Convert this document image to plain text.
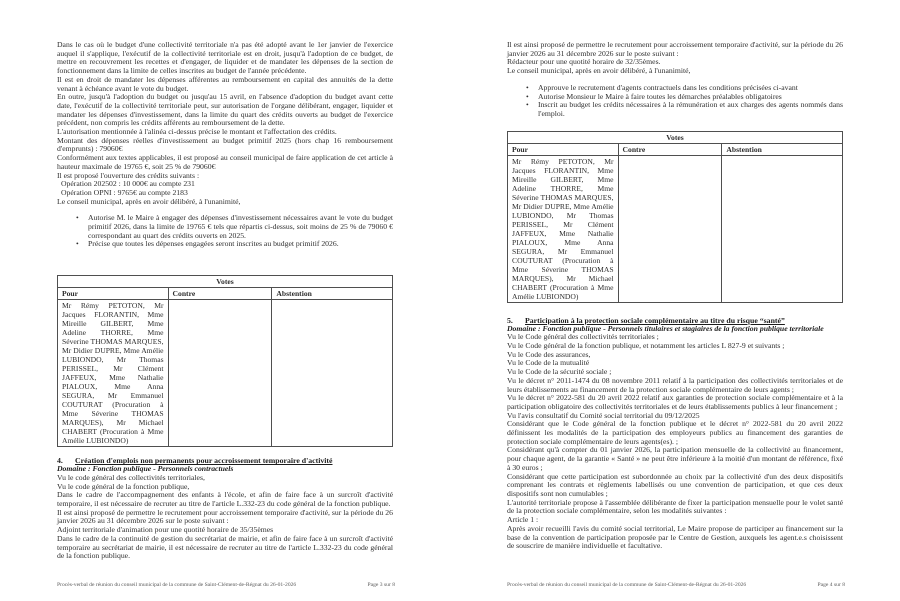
Dans le cas où le budget d'une collectivité territoriale n'a pas été adopté avant le 1er janvier de l'exercice auquel il s'applique, l'exécutif de la collectivité territoriale est en droit, jusqu'à l'adoption de ce budget, de mettre en recouvrement les recettes et d'engager, de liquider et de mandater les dépenses de la section de fonctionnement dans la limite de celles inscrites au budget de l'année précédente.

Il est en droit de mandater les dépenses afférentes au remboursement en capital des annuités de la dette venant à échéance avant le vote du budget.

En outre, jusqu'à l'adoption du budget ou jusqu'au 15 avril, en l'absence d'adoption du budget avant cette date, l'exécutif de la collectivité territoriale peut, sur autorisation de l'organe délibérant, engager, liquider et mandater les dépenses d'investissement, dans la limite du quart des crédits ouverts au budget de l'exercice précédent, non compris les crédits afférents au remboursement de la dette.

L'autorisation mentionnée à l'alinéa ci-dessus précise le montant et l'affectation des crédits.

Montant des dépenses réelles d'investissement au budget primitif 2025 (hors chap 16 remboursement d'emprunts) : 79060€

Conformément aux textes applicables, il est proposé au conseil municipal de faire application de cet article à hauteur maximale de 19765 €, soit 25 % de 79060€

Il est proposé l'ouverture des crédits suivants :

Opération 202502 : 10 000€ au compte 231

Opération OPNI : 9765€ au compte 2183

Le conseil municipal, après en avoir délibéré, à l'unanimité,

• Autorise M. le Maire à engager des dépenses d'investissement nécessaires avant le vote du budget primitif 2026, dans la limite de 19765 € tels que répartis ci-dessus, soit moins de 25 % de 79060 € correspondant au quart des crédits ouverts en 2025.
• Précise que toutes les dépenses engagées seront inscrites au budget primitif 2026.
Votes		
Pour	Contre	Abstention
Mr Rémy PETOTON, Mr Jacques FLORANTIN, Mme Mireille GILBERT, Mme Adeline THORRE, Mme Séverine THOMAS MARQUES, Mr Didier DUPRE, Mme Amélie LUBIONDO, Mr Thomas PERISSEL, Mr Clément JAFFEUX, Mme Nathalie PIALOUX, Mme Anna SEGURA, Mr Emmanuel COUTURAT (Procuration à Mme Séverine THOMAS MARQUES), Mr Michael CHABERT (Procuration à Mme Amélie LUBIONDO)		
4.	Création d'emplois non permanents pour accroissement temporaire d'activité

Domaine : Fonction publique - Personnels contractuels

Vu le code général des collectivités territoriales,

Vu le code général de la fonction publique,

Dans le cadre de l'accompagnement des enfants à l'école, et afin de faire face à un surcroît d'activité temporaire, il est nécessaire de recruter au titre de l'article L.332-23 du code général de la fonction publique.

Il est ainsi proposé de permettre le recrutement pour accroissement temporaire d'activité, sur la période du 26 janvier 2026 au 31 décembre 2026 sur le poste suivant :

Adjoint territoriale d'animation pour une quotité horaire de 35/35èmes

Dans le cadre de la continuité de gestion du secrétariat de mairie, et afin de faire face à un surcroît d'activité temporaire au secrétariat de mairie, il est nécessaire de recruter au titre de l'article L.332-23 du code général de la fonction publique.

Procès-verbal de réunion du conseil municipal de la commune de Saint-Clément-de-Régnat du 26-01-2026	Page 3 sur 8

Il est ainsi proposé de permettre le recrutement pour accroissement temporaire d'activité, sur la période du 26 janvier 2026 au 31 décembre 2026 sur le poste suivant :

Rédacteur pour une quotité horaire de 32/35èmes.

Le conseil municipal, après en avoir délibéré, à l'unanimité,

• Approuve le recrutement d'agents contractuels dans les conditions précisées ci-avant
• Autorise Monsieur le Maire à faire toutes les démarches préalables obligatoires
• Inscrit au budget les crédits nécessaires à la rémunération et aux charges des agents nommés dans l'emploi.
Votes		
Pour	Contre	Abstention
Mr Rémy PETOTON, Mr Jacques FLORANTIN, Mme Mireille GILBERT, Mme Adeline THORRE, Mme Séverine THOMAS MARQUES, Mr Didier DUPRE, Mme Amélie LUBIONDO, Mr Thomas PERISSEL, Mr Clément JAFFEUX, Mme Nathalie PIALOUX, Mme Anna SEGURA, Mr Emmanuel COUTURAT (Procuration à Mme Séverine THOMAS MARQUES), Mr Michael CHABERT (Procuration à Mme Amélie LUBIONDO)		
5.	Participation à la protection sociale complémentaire au titre du risque “santé”

Domaine : Fonction publique - Personnels titulaires et stagiaires de la fonction publique territoriale

Vu le Code général des collectivités territoriales ;

Vu le Code général de la fonction publique, et notamment les articles L 827-9 et suivants ;

Vu le Code des assurances,

Vu le Code de la mutualité

Vu le Code de la sécurité sociale ;

Vu le décret n° 2011-1474 du 08 novembre 2011 relatif à la participation des collectivités territoriales et de leurs établissements au financement de la protection sociale complémentaire de leurs agents ;

Vu le décret n° 2022-581 du 20 avril 2022 relatif aux garanties de protection sociale complémentaire et à la participation obligatoire des collectivités territoriales et de leurs établissements publics à leur financement ;

Vu l'avis consultatif du Comité social territorial du 09/12/2025

Considérant que le Code général de la fonction publique et le décret n° 2022-581 du 20 avril 2022 définissent les modalités de la participation des employeurs publics au financement des garanties de protection sociale complémentaire de leurs agents(es). ;

Considérant qu'à compter du 01 janvier 2026, la participation mensuelle de la collectivité au financement, pour chaque agent, de la garantie « Santé » ne peut être inférieure à la moitié d'un montant de référence, fixé à 30 euros ;

Considérant que cette participation est subordonnée au choix par la collectivité d'un des deux dispositifs comprenant les contrats et règlements labellisés ou une convention de participation, et que ces deux dispositifs sont non cumulables ;

L'autorité territoriale propose à l'assemblée délibérante de fixer la participation mensuelle pour le volet santé de la protection sociale complémentaire, selon les modalités suivantes :

Article 1 :

Après avoir recueilli l'avis du comité social territorial, Le Maire propose de participer au financement sur la base de la convention de participation proposée par le Centre de Gestion, auxquels les agent.e.s choisissent de souscrire de manière individuelle et facultative.

Procès-verbal de réunion du conseil municipal de la commune de Saint-Clément-de-Régnat du 26-01-2026	Page 4 sur 8
